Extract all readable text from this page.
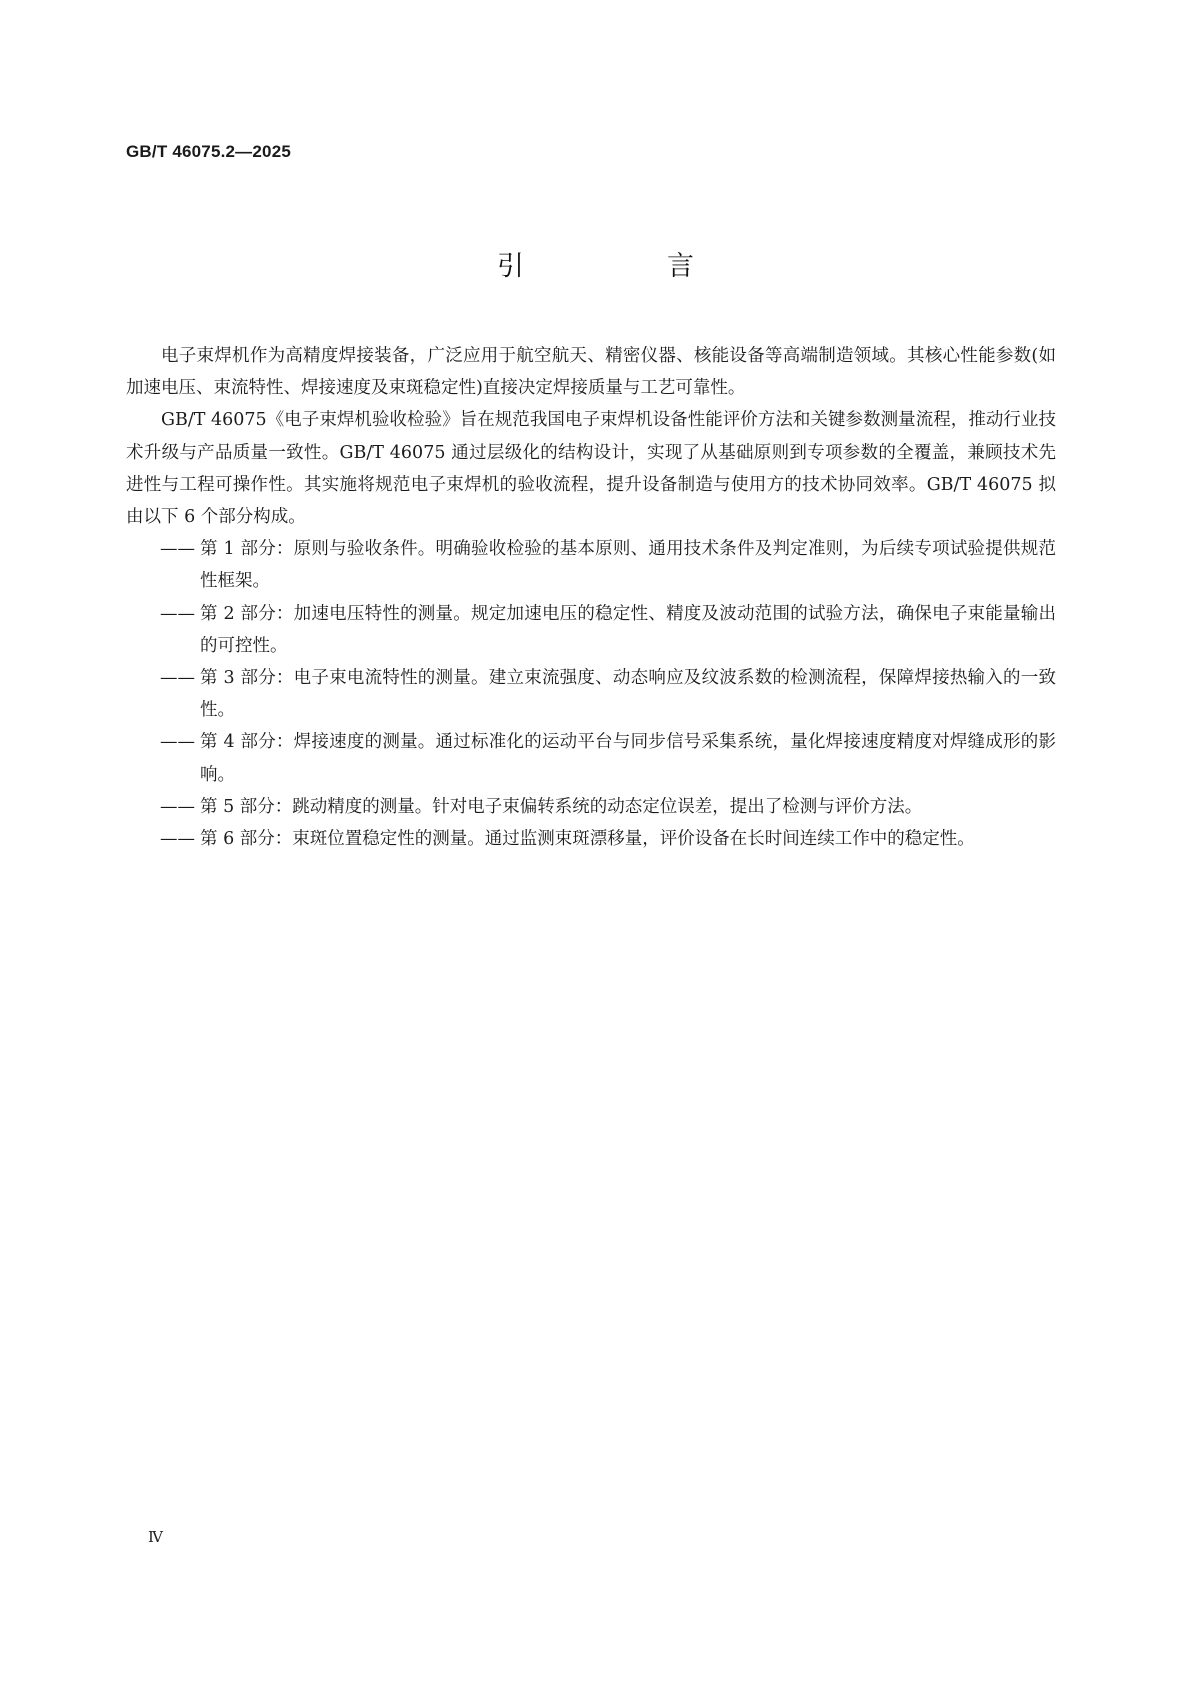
GB/T 46075.2—2025
引　言

电子束焊机作为高精度焊接装备，广泛应用于航空航天、精密仪器、核能设备等高端制造领域。其核心性能参数(如加速电压、束流特性、焊接速度及束斑稳定性)直接决定焊接质量与工艺可靠性。

GB/T 46075《电子束焊机验收检验》旨在规范我国电子束焊机设备性能评价方法和关键参数测量流程，推动行业技术升级与产品质量一致性。GB/T 46075 通过层级化的结构设计，实现了从基础原则到专项参数的全覆盖，兼顾技术先进性与工程可操作性。其实施将规范电子束焊机的验收流程，提升设备制造与使用方的技术协同效率。GB/T 46075 拟由以下 6 个部分构成。

—— 第 1 部分：原则与验收条件。明确验收检验的基本原则、通用技术条件及判定准则，为后续专项试验提供规范性框架。
—— 第 2 部分：加速电压特性的测量。规定加速电压的稳定性、精度及波动范围的试验方法，确保电子束能量输出的可控性。
—— 第 3 部分：电子束电流特性的测量。建立束流强度、动态响应及纹波系数的检测流程，保障焊接热输入的一致性。
—— 第 4 部分：焊接速度的测量。通过标准化的运动平台与同步信号采集系统，量化焊接速度精度对焊缝成形的影响。
—— 第 5 部分：跳动精度的测量。针对电子束偏转系统的动态定位误差，提出了检测与评价方法。
—— 第 6 部分：束斑位置稳定性的测量。通过监测束斑漂移量，评价设备在长时间连续工作中的稳定性。
Ⅳ
